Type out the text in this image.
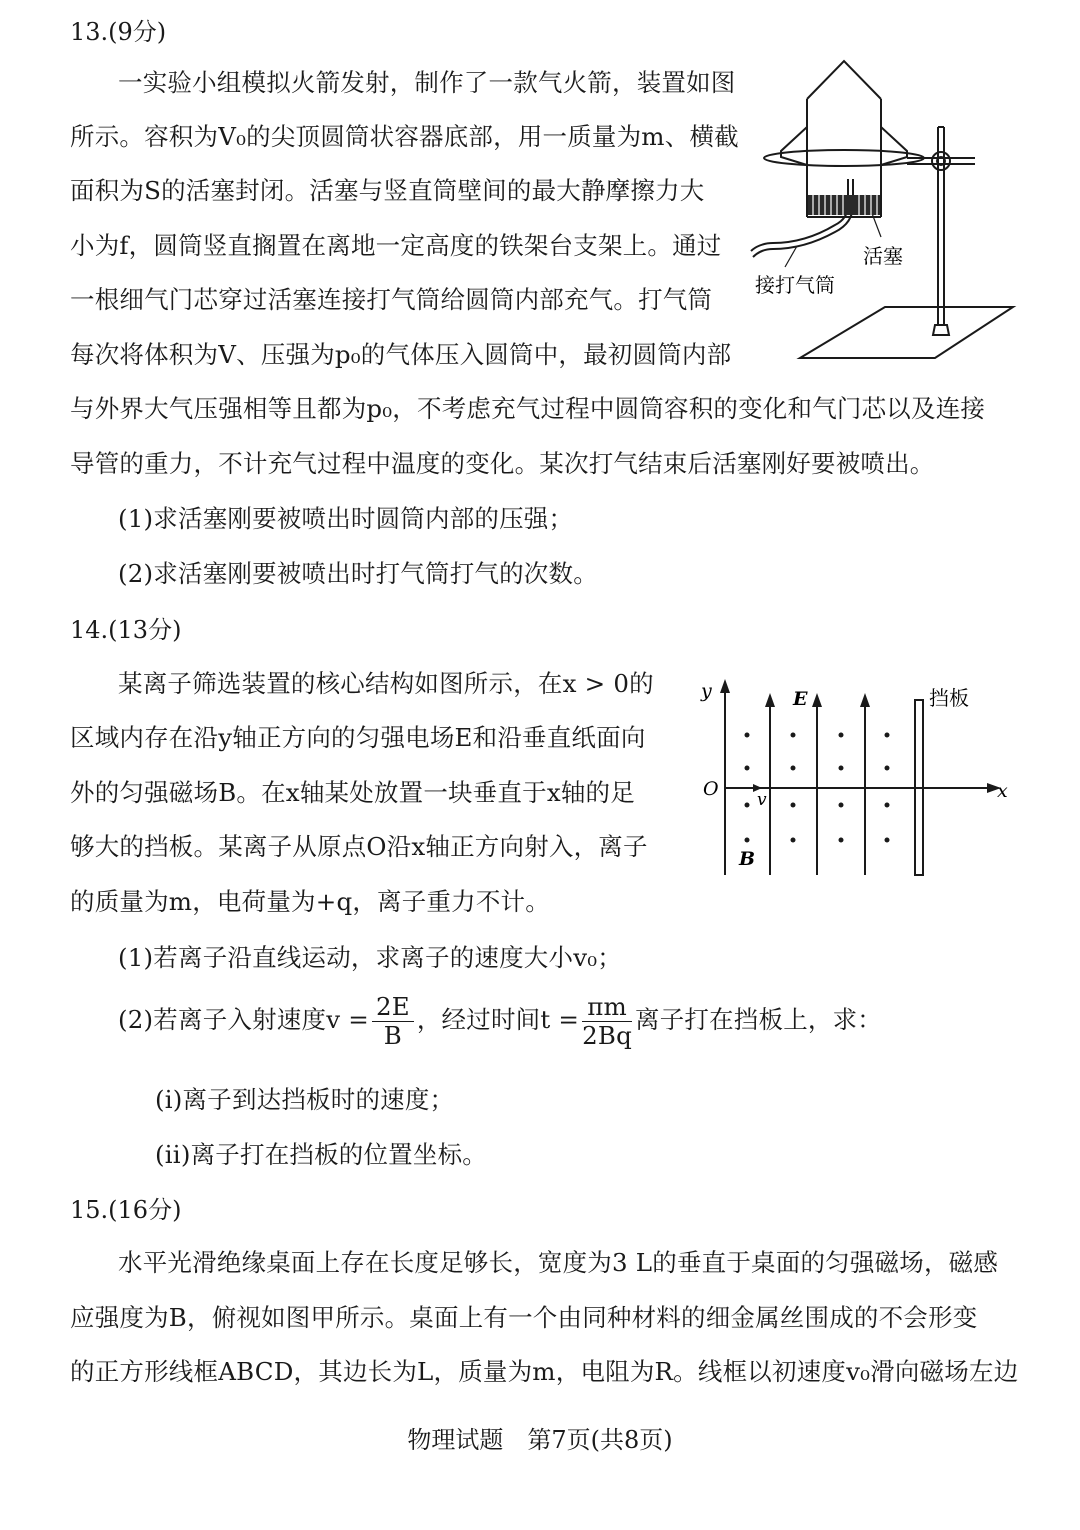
13.(9分)
一实验小组模拟火箭发射，制作了一款气火箭，装置如图
所示。容积为V₀的尖顶圆筒状容器底部，用一质量为m、横截
面积为S的活塞封闭。活塞与竖直筒壁间的最大静摩擦力大
小为f，圆筒竖直搁置在离地一定高度的铁架台支架上。通过
一根细气门芯穿过活塞连接打气筒给圆筒内部充气。打气筒
每次将体积为V、压强为p₀的气体压入圆筒中，最初圆筒内部
与外界大气压强相等且都为p₀，不考虑充气过程中圆筒容积的变化和气门芯以及连接
导管的重力，不计充气过程中温度的变化。某次打气结束后活塞刚好要被喷出。
(1)求活塞刚要被喷出时圆筒内部的压强；
(2)求活塞刚要被喷出时打气筒打气的次数。
活塞
接打气筒
14.(13分)
某离子筛选装置的核心结构如图所示，在x > 0的
区域内存在沿y轴正方向的匀强电场E和沿垂直纸面向
外的匀强磁场B。在x轴某处放置一块垂直于x轴的足
够大的挡板。某离子从原点O沿x轴正方向射入，离子
的质量为m，电荷量为+q，离子重力不计。
(1)若离子沿直线运动，求离子的速度大小v₀；
(2)若离子入射速度$v = \frac{2E}{B}$ ，经过时间$t = \frac{\pi m}{2Bq}$ 离子打在挡板上，求：
(i)离子到达挡板时的速度；
(ii)离子打在挡板的位置坐标。
y
x
O
E
B
v
挡板
15.(16分)
水平光滑绝缘桌面上存在长度足够长，宽度为3 L的垂直于桌面的匀强磁场，磁感
应强度为B，俯视如图甲所示。桌面上有一个由同种材料的细金属丝围成的不会形变
的正方形线框ABCD，其边长为L，质量为m，电阻为R。线框以初速度v₀滑向磁场左边
物理试题　第7页(共8页)
